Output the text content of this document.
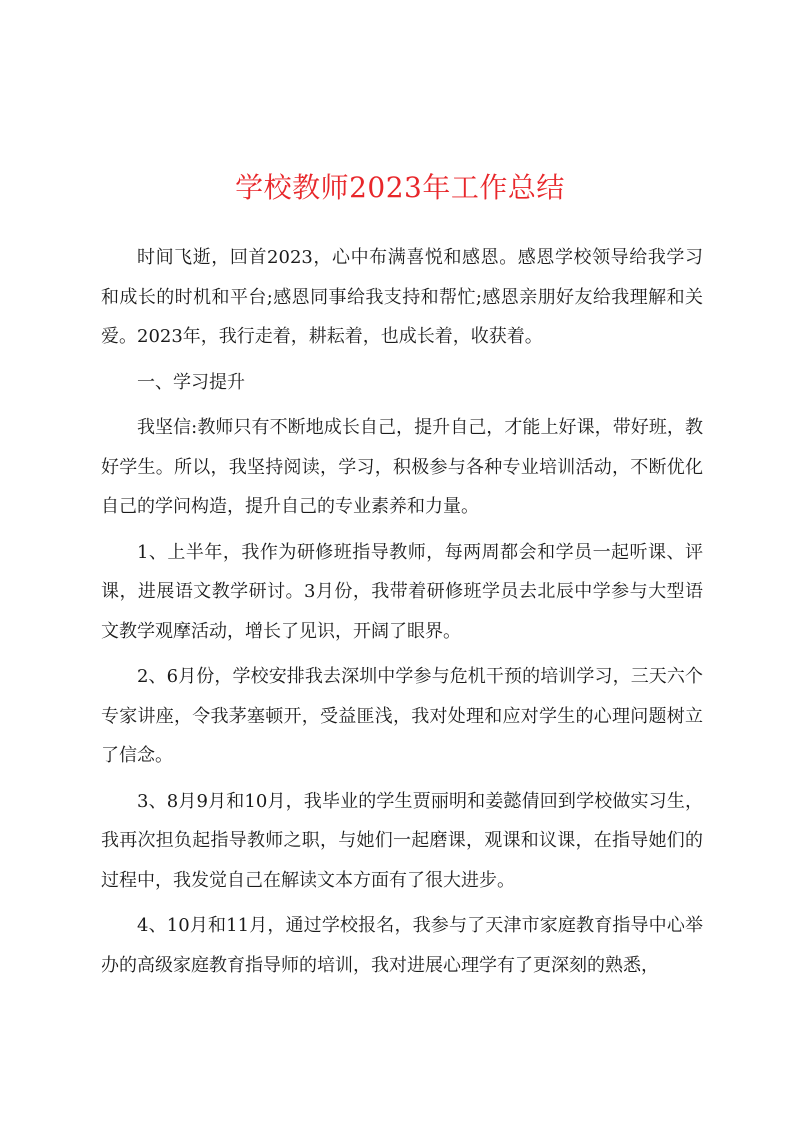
学校教师2023年工作总结

时间飞逝，回首2023，心中布满喜悦和感恩。感恩学校领导给我学习和成长的时机和平台;感恩同事给我支持和帮忙;感恩亲朋好友给我理解和关爱。2023年，我行走着，耕耘着，也成长着，收获着。

一、学习提升

我坚信:教师只有不断地成长自己，提升自己，才能上好课，带好班，教好学生。所以，我坚持阅读，学习，积极参与各种专业培训活动，不断优化自己的学问构造，提升自己的专业素养和力量。

1、上半年，我作为研修班指导教师，每两周都会和学员一起听课、评课，进展语文教学研讨。3月份，我带着研修班学员去北辰中学参与大型语文教学观摩活动，增长了见识，开阔了眼界。

2、6月份，学校安排我去深圳中学参与危机干预的培训学习，三天六个专家讲座，令我茅塞顿开，受益匪浅，我对处理和应对学生的心理问题树立了信念。

3、8月9月和10月，我毕业的学生贾丽明和姜懿倩回到学校做实习生，我再次担负起指导教师之职，与她们一起磨课，观课和议课，在指导她们的过程中，我发觉自己在解读文本方面有了很大进步。

4、10月和11月，通过学校报名，我参与了天津市家庭教育指导中心举办的高级家庭教育指导师的培训，我对进展心理学有了更深刻的熟悉，
